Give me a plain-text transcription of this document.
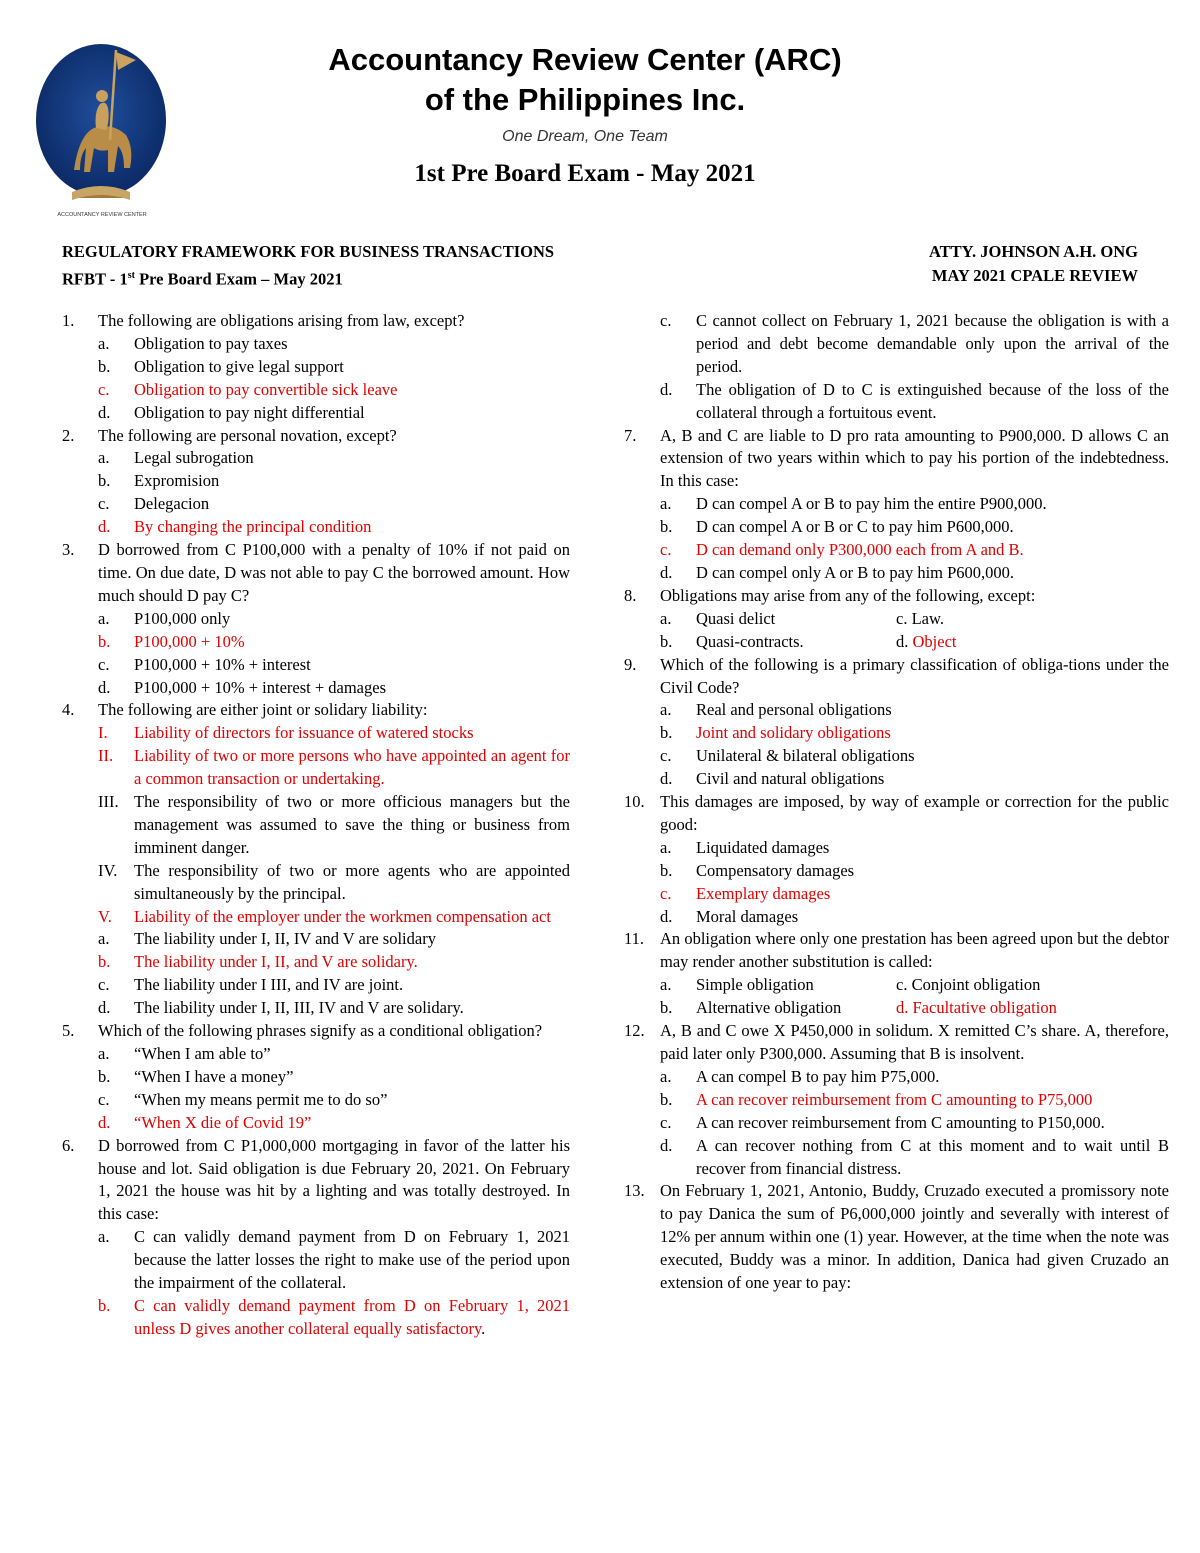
ACCOUNTANCY REVIEW CENTER
Accountancy Review Center (ARC)
of the Philippines Inc.
One Dream, One Team
1st Pre Board Exam - May 2021
REGULATORY FRAMEWORK FOR BUSINESS TRANSACTIONS
RFBT - 1st Pre Board Exam – May 2021
ATTY. JOHNSON A.H. ONG
MAY 2021 CPALE REVIEW
1.	The following are obligations arising from law, except?
a.	Obligation to pay taxes
b.	Obligation to give legal support
c.	Obligation to pay convertible sick leave
d.	Obligation to pay night differential
2.	The following are personal novation, except?
a.	Legal subrogation
b.	Expromision
c.	Delegacion
d.	By changing the principal condition
3.	D borrowed from C P100,000 with a penalty of 10% if not paid on time. On due date, D was not able to pay C the borrowed amount. How much should D pay C?
a.	P100,000 only
b.	P100,000 + 10%
c.	P100,000 + 10% + interest
d.	P100,000 + 10% + interest + damages
4.	The following are either joint or solidary liability:
I.	Liability of directors for issuance of watered stocks
II.	Liability of two or more persons who have appointed an agent for a common transaction or undertaking.
III. The responsibility of two or more officious managers but the management was assumed to save the thing or business from imminent danger.
IV.	The responsibility of two or more agents who are appointed simultaneously by the principal.
V.	Liability of the employer under the workmen compensation act
a.	The liability under I, II, IV and V are solidary
b.	The liability under I, II, and V are solidary.
c.	The liability under I III, and IV are joint.
d.	The liability under I, II, III, IV and V are solidary.
5.	Which of the following phrases signify as a conditional obligation?
a.	“When I am able to”
b.	“When I have a money”
c.	“When my means permit me to do so”
d.	“When X die of Covid 19”
6.	D borrowed from C P1,000,000 mortgaging in favor of the latter his house and lot. Said obligation is due February 20, 2021. On February 1, 2021 the house was hit by a lighting and was totally destroyed. In this case:
a.	C can validly demand payment from D on February 1, 2021 because the latter losses the right to make use of the period upon the impairment of the collateral.
b.	C can validly demand payment from D on February 1, 2021 unless D gives another collateral equally satisfactory.
c.	C cannot collect on February 1, 2021 because the obligation is with a period and debt become demandable only upon the arrival of the period.
d.	The obligation of D to C is extinguished because of the loss of the collateral through a fortuitous event.
7.	A, B and C are liable to D pro rata amounting to P900,000. D allows C an extension of two years within which to pay his portion of the indebtedness. In this case:
a.	D can compel A or B to pay him the entire P900,000.
b.	D can compel A or B or C to pay him P600,000.
c.	D can demand only P300,000 each from A and B.
d.	D can compel only A or B to pay him P600,000.
8.	Obligations may arise from any of the following, except:
a.	Quasi delict	c. Law.
b.	Quasi-contracts.	d. Object
9.	Which of the following is a primary classification of obliga-tions under the Civil Code?
a.	Real and personal obligations
b.	Joint and solidary obligations
c.	Unilateral & bilateral obligations
d.	Civil and natural obligations
10. This damages are imposed, by way of example or correction for the public good:
a.	Liquidated damages
b.	Compensatory damages
c.	Exemplary damages
d.	Moral damages
11. An obligation where only one prestation has been agreed upon but the debtor may render another substitution is called:
a.	Simple obligation	c. Conjoint obligation
b.	Alternative obligation	d. Facultative obligation
12. A, B and C owe X P450,000 in solidum. X remitted C’s share. A, therefore, paid later only P300,000. Assuming that B is insolvent.
a.	A can compel B to pay him P75,000.
b.	A can recover reimbursement from C amounting to P75,000
c.	A can recover reimbursement from C amounting to P150,000.
d.	A can recover nothing from C at this moment and to wait until B recover from financial distress.
13. On February 1, 2021, Antonio, Buddy, Cruzado executed a promissory note to pay Danica the sum of P6,000,000 jointly and severally with interest of 12% per annum within one (1) year. However, at the time when the note was executed, Buddy was a minor. In addition, Danica had given Cruzado an extension of one year to pay:
